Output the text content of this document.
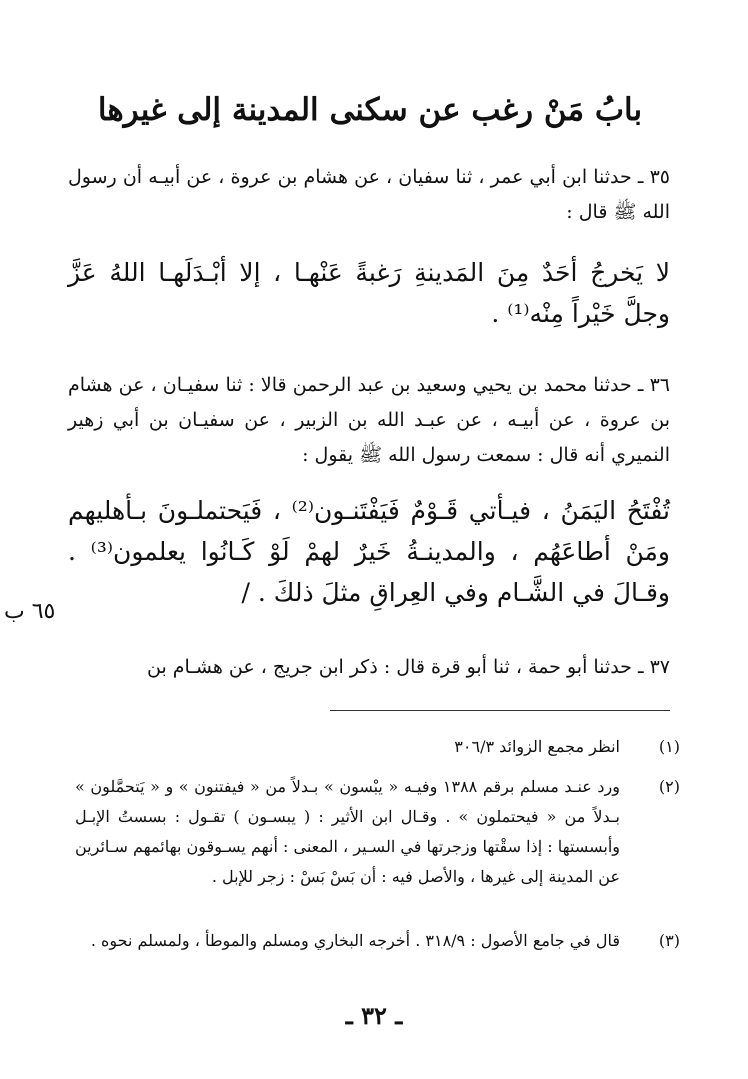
بابُ مَنْ رغب عن سكنى المدينة إلى غيرها
٣٥ ـ حدثنا ابن أبي عمر ، ثنا سفيان ، عن هشام بن عروة ، عن أبيـه أن رسول الله ﷺ قال :
لا يَخرجُ أحَدٌ مِنَ المَدينةِ رَغبةً عَنْهـا ، إلا أبْـدَلَهـا اللهُ عَزَّ وجلَّ خَيْراً مِنْه⁽¹⁾ .
٣٦ ـ حدثنا محمد بن يحيي وسعيد بن عبد الرحمن قالا : ثنا سفيـان ، عن هشام بن عروة ، عن أبيـه ، عن عبـد الله بن الزبير ، عن سفيـان بن أبي زهير النميري أنه قال : سمعت رسول الله ﷺ يقول :
تُفْتَحُ اليَمَنُ ، فيـأتي قَـوْمٌ فَيَفْتَنـون⁽²⁾ ، فَيَحتملـونَ بـأهليهم ومَنْ أطاعَهُم ، والمدينـةُ خَيرٌ لهمْ لَوْ كَـانُوا يعلمون⁽³⁾ . وقـالَ في الشَّـام وفي العِراقِ مثلَ ذلكَ . /
٦٥ ب
٣٧ ـ حدثنا أبو حمة ، ثنا أبو قرة قال : ذكر ابن جريج ، عن هشـام بن
(١)
انظر مجمع الزوائد ٣٠٦/٣
(٢)
ورد عنـد مسلم برقم ١٣٨٨ وفيـه « يبْسون » بـدلاً من « فيفتنون » و « يَتحمَّلون » بـدلاً من « فيحتملون » . وقـال ابن الأثير : ( يبسـون ) تقـول : بسستُ الإبـل وأبسستها : إذا سقْتها وزجرتها في السـير ، المعنى : أنهم يسـوقون بهائمهم سـائرين عن المدينة إلى غيرها ، والأصل فيه : أن بَسْ بَسْ : زجر للإبل .
(٣)
قال في جامع الأصول : ٣١٨/٩ . أخرجه البخاري ومسلم والموطأ ، ولمسلم نحوه .
ـ ٣٢ ـ
